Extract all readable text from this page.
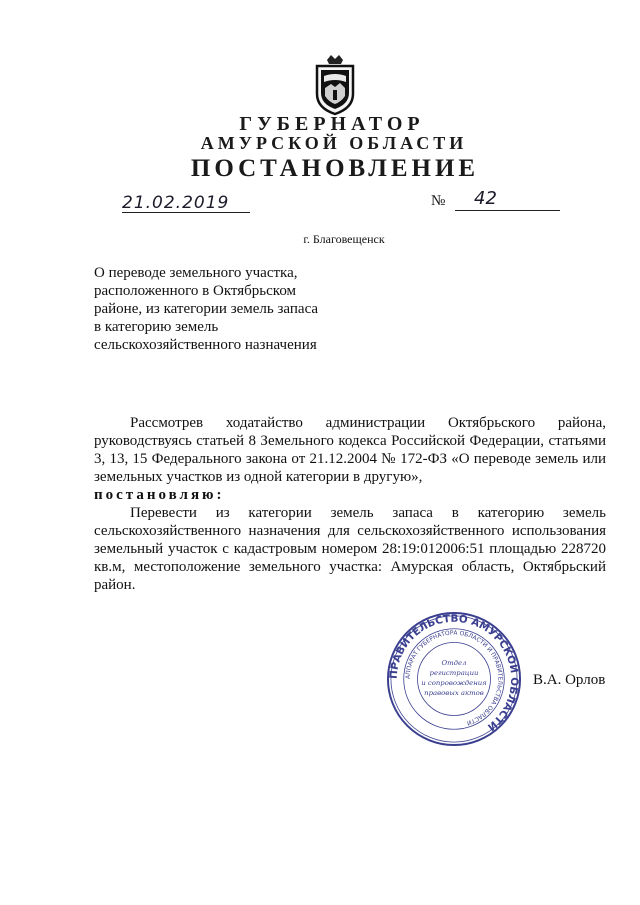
ГУБЕРНАТОР
АМУРСКОЙ ОБЛАСТИ
ПОСТАНОВЛЕНИЕ
21.02.2019	№ 42
г. Благовещенск
О переводе земельного участка, расположенного в Октябрьском районе, из категории земель запаса в категорию земель сельскохозяйственного назначения

Рассмотрев ходатайство администрации Октябрьского района, руководствуясь статьей 8 Земельного кодекса Российской Федерации, статьями 3, 13, 15 Федерального закона от 21.12.2004 № 172-ФЗ «О переводе земель или земельных участков из одной категории в другую»,

постановляю:

Перевести из категории земель запаса в категорию земель сельскохозяйственного назначения для сельскохозяйственного использования земельный участок с кадастровым номером 28:19:012006:51 площадью 228720 кв.м, местоположение земельного участка: Амурская область, Октябрьский район.

ПРАВИТЕЛЬСТВО АМУРСКОЙ ОБЛАСТИ
АППАРАТ ГУБЕРНАТОРА ОБЛАСТИ И ПРАВИТЕЛЬСТВА ОБЛАСТИ
Отдел
регистрации
и сопровождения
правовых актов
В.А. Орлов
